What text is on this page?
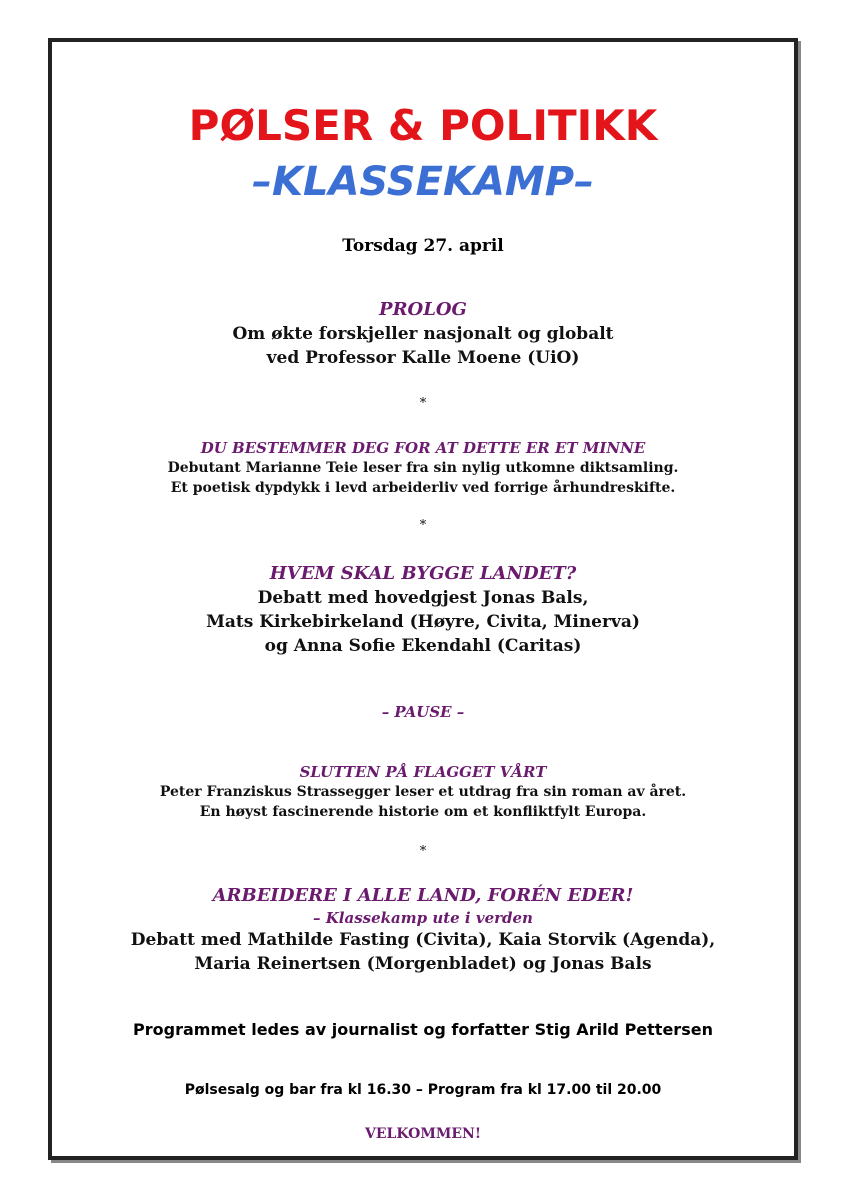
PØLSER & POLITIKK
–KLASSEKAMP–
Torsdag 27. april
PROLOG
Om økte forskjeller nasjonalt og globalt
ved Professor Kalle Moene (UiO)
*
DU BESTEMMER DEG FOR AT DETTE ER ET MINNE
Debutant Marianne Teie leser fra sin nylig utkomne diktsamling.
Et poetisk dypdykk i levd arbeiderliv ved forrige århundreskifte.
*
HVEM SKAL BYGGE LANDET?
Debatt med hovedgjest Jonas Bals,
Mats Kirkebirkeland (Høyre, Civita, Minerva)
og Anna Sofie Ekendahl (Caritas)
– PAUSE –
SLUTTEN PÅ FLAGGET VÅRT
Peter Franziskus Strassegger leser et utdrag fra sin roman av året.
En høyst fascinerende historie om et konfliktfylt Europa.
*
ARBEIDERE I ALLE LAND, FORÉN EDER!
– Klassekamp ute i verden
Debatt med Mathilde Fasting (Civita), Kaia Storvik (Agenda),
Maria Reinertsen (Morgenbladet) og Jonas Bals
Programmet ledes av journalist og forfatter Stig Arild Pettersen
Pølsesalg og bar fra kl 16.30 – Program fra kl 17.00 til 20.00
VELKOMMEN!
